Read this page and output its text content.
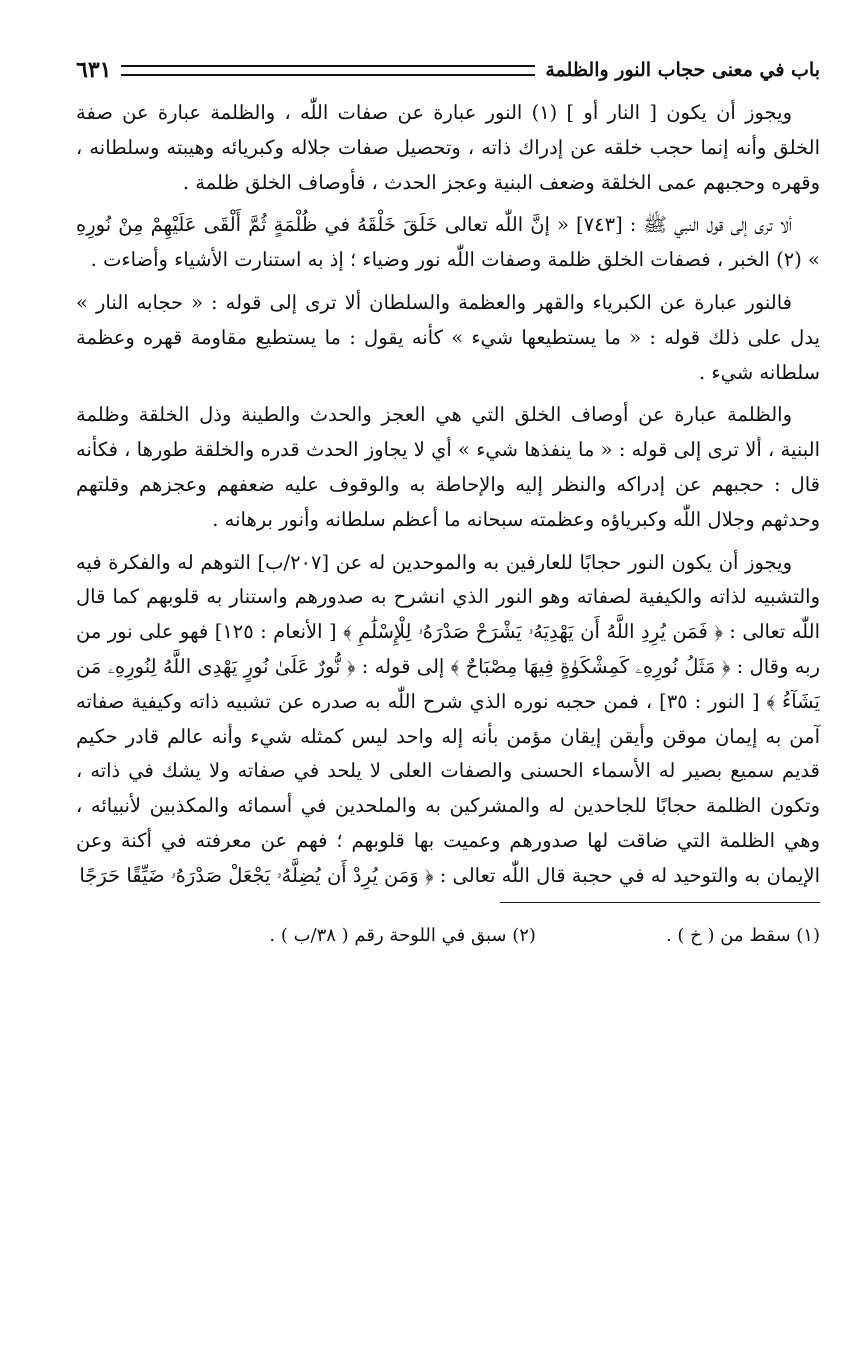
باب في معنى حجاب النور والظلمة
٦٣١

ويجوز أن يكون [ النار أو ] (١) النور عبارة عن صفات اللّٰه ، والظلمة عبارة عن صفة الخلق وأنه إنما حجب خلقه عن إدراك ذاته ، وتحصيل صفات جلاله وكبريائه وهيبته وسلطانه ، وقهره وحجبهم عمى الخلقة وضعف البنية وعجز الحدث ، فأوصاف الخلق ظلمة .

ألا ترى إلى قول النبي ﷺ : [٧٤٣] « إنَّ اللّٰه تعالى خَلَقَ خَلْقَهُ في ظُلْمَةٍ ثُمَّ أَلْقَى عَلَيْهِمْ مِنْ نُورِهِ » (٢) الخبر ، فصفات الخلق ظلمة وصفات اللّٰه نور وضياء ؛ إذ به استنارت الأشياء وأضاءت .

فالنور عبارة عن الكبرياء والقهر والعظمة والسلطان ألا ترى إلى قوله : « حجابه النار » يدل على ذلك قوله : « ما يستطيعها شيء » كأنه يقول : ما يستطيع مقاومة قهره وعظمة سلطانه شيء .

والظلمة عبارة عن أوصاف الخلق التي هي العجز والحدث والطينة وذل الخلقة وظلمة البنية ، ألا ترى إلى قوله : « ما ينفذها شيء » أي لا يجاوز الحدث قدره والخلقة طورها ، فكأنه قال : حجبهم عن إدراكه والنظر إليه والإحاطة به والوقوف عليه ضعفهم وعجزهم وقلتهم وحدثهم وجلال اللّٰه وكبرياؤه وعظمته سبحانه ما أعظم سلطانه وأنور برهانه .

ويجوز أن يكون النور حجابًا للعارفين به والموحدين له عن [٢٠٧/ب] التوهم له والفكرة فيه والتشبيه لذاته والكيفية لصفاته وهو النور الذي انشرح به صدورهم واستنار به قلوبهم كما قال اللّٰه تعالى : ﴿ فَمَن يُرِدِ اللَّهُ أَن يَهْدِيَهُۥ يَشْرَحْ صَدْرَهُۥ لِلْإِسْلَٰمِ ﴾ [ الأنعام : ١٢٥] فهو على نور من ربه وقال : ﴿ مَثَلُ نُورِهِۦ كَمِشْكَوٰةٍ فِيهَا مِصْبَاحٌ ﴾ إلى قوله : ﴿ نُّورٌ عَلَىٰ نُورٍ يَهْدِى اللَّهُ لِنُورِهِۦ مَن يَشَآءُ ﴾ [ النور : ٣٥] ، فمن حجبه نوره الذي شرح اللّٰه به صدره عن تشبيه ذاته وكيفية صفاته آمن به إيمان موقن وأيقن إيقان مؤمن بأنه إله واحد ليس كمثله شيء وأنه عالم قادر حكيم قديم سميع بصير له الأسماء الحسنى والصفات العلى لا يلحد في صفاته ولا يشك في ذاته ، وتكون الظلمة حجابًا للجاحدين له والمشركين به والملحدين في أسمائه والمكذبين لأنبيائه ، وهي الظلمة التي ضاقت لها صدورهم وعميت بها قلوبهم ؛ فهم عن معرفته في أكنة وعن الإيمان به والتوحيد له في حجبة قال اللّٰه تعالى : ﴿ وَمَن يُرِدْ أَن يُضِلَّهُۥ يَجْعَلْ صَدْرَهُۥ ضَيِّقًا حَرَجًا

(١) سقط من ( خ ) .
(٢) سبق في اللوحة رقم ( ٣٨/ب ) .
